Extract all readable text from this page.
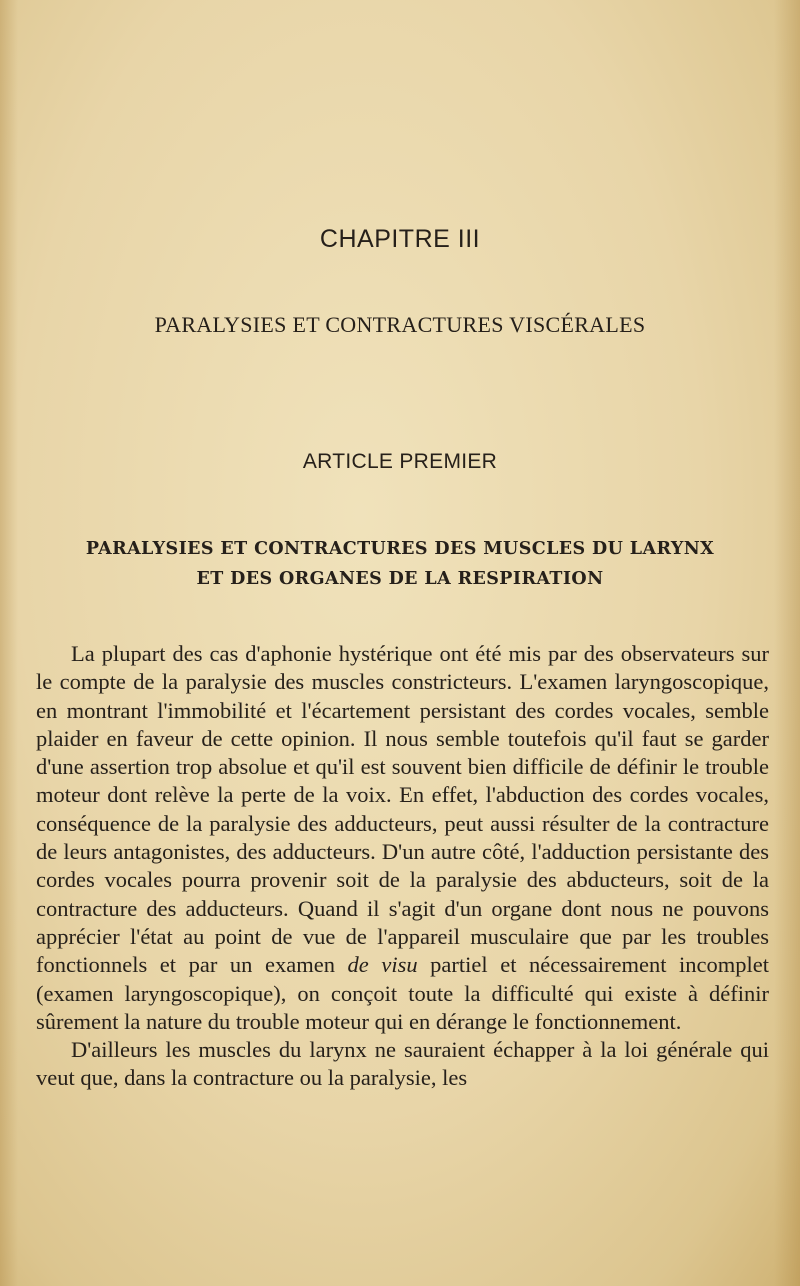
CHAPITRE III
PARALYSIES ET CONTRACTURES VISCÉRALES
ARTICLE PREMIER
PARALYSIES ET CONTRACTURES DES MUSCLES DU LARYNX
ET DES ORGANES DE LA RESPIRATION

La plupart des cas d'aphonie hystérique ont été mis par des observateurs sur le compte de la paralysie des muscles constricteurs. L'examen laryngoscopique, en montrant l'immobilité et l'écartement persistant des cordes vocales, semble plaider en faveur de cette opinion. Il nous semble toutefois qu'il faut se garder d'une assertion trop absolue et qu'il est souvent bien difficile de définir le trouble moteur dont relève la perte de la voix. En effet, l'abduction des cordes vocales, conséquence de la paralysie des adducteurs, peut aussi résulter de la contracture de leurs antagonistes, des adducteurs. D'un autre côté, l'adduction persistante des cordes vocales pourra provenir soit de la paralysie des abducteurs, soit de la contracture des adducteurs. Quand il s'agit d'un organe dont nous ne pouvons apprécier l'état au point de vue de l'appareil musculaire que par les troubles fonctionnels et par un examen de visu partiel et nécessairement incomplet (examen laryngoscopique), on conçoit toute la difficulté qui existe à définir sûrement la nature du trouble moteur qui en dérange le fonctionnement.

D'ailleurs les muscles du larynx ne sauraient échapper à la loi générale qui veut que, dans la contracture ou la paralysie, les
